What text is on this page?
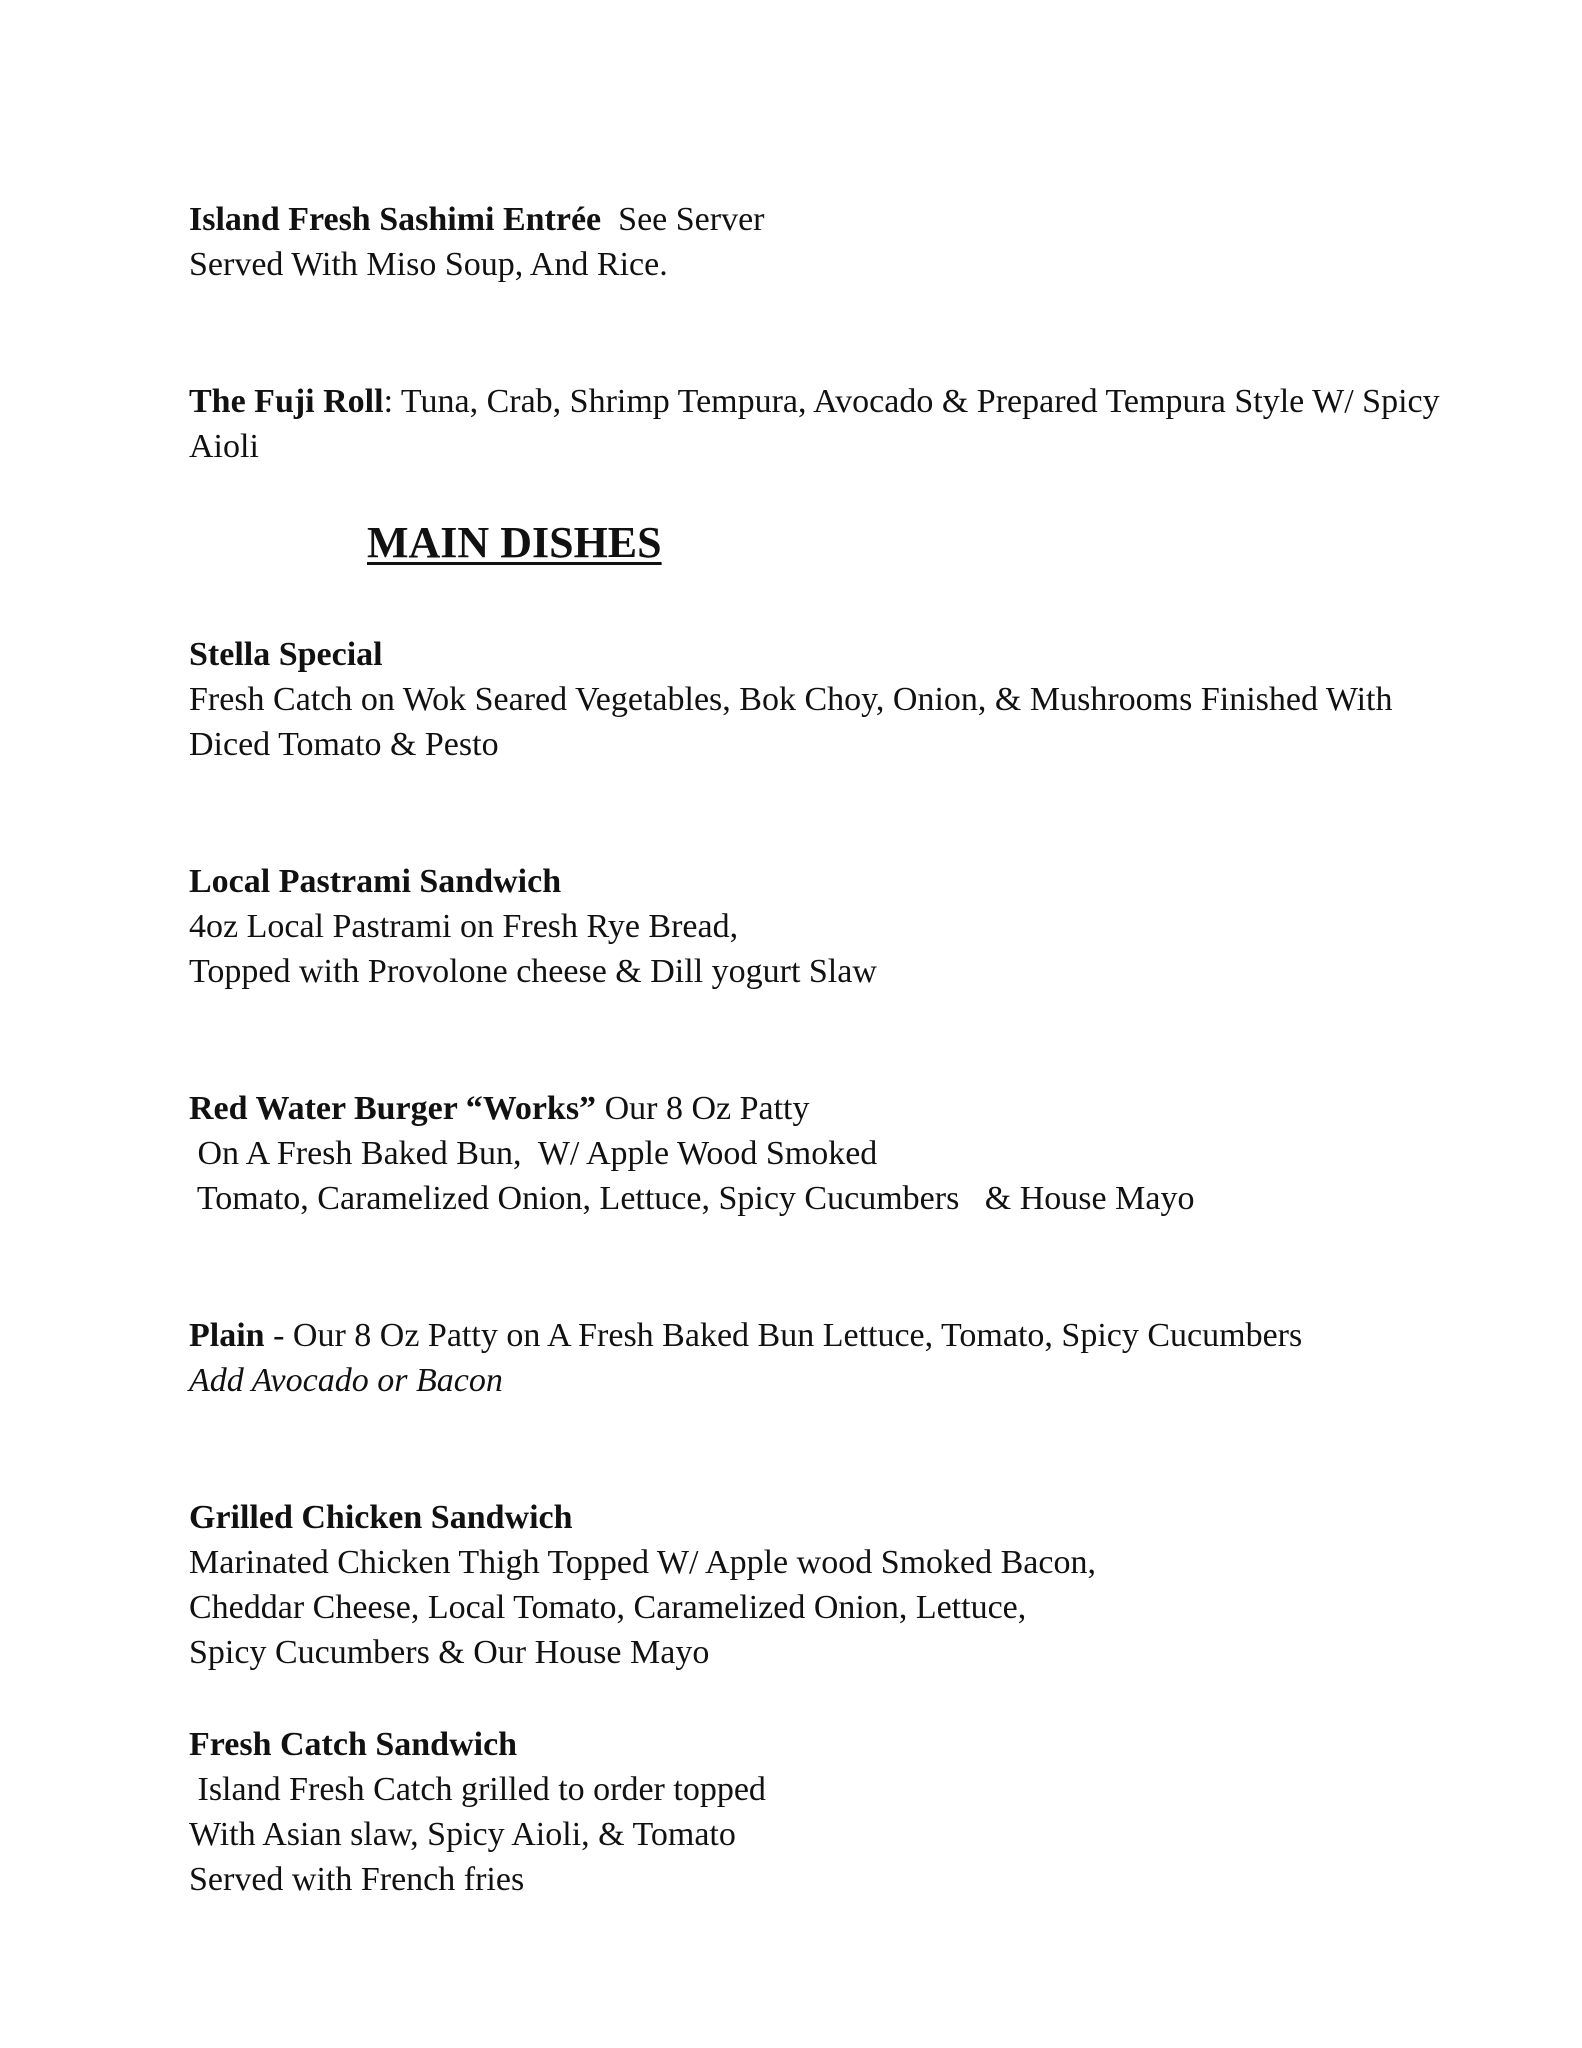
Island Fresh Sashimi Entrée See Server
Served With Miso Soup, And Rice.
The Fuji Roll: Tuna, Crab, Shrimp Tempura, Avocado & Prepared Tempura Style W/ Spicy
Aioli
MAIN DISHES
Stella Special
Fresh Catch on Wok Seared Vegetables, Bok Choy, Onion, & Mushrooms Finished With
Diced Tomato & Pesto
Local Pastrami Sandwich
4oz Local Pastrami on Fresh Rye Bread,
Topped with Provolone cheese & Dill yogurt Slaw
Red Water Burger “Works” Our 8 Oz Patty
On A Fresh Baked Bun,  W/ Apple Wood Smoked
Tomato, Caramelized Onion, Lettuce, Spicy Cucumbers   & House Mayo
Plain - Our 8 Oz Patty on A Fresh Baked Bun Lettuce, Tomato, Spicy Cucumbers
Add Avocado or Bacon
Grilled Chicken Sandwich
Marinated Chicken Thigh Topped W/ Apple wood Smoked Bacon,
Cheddar Cheese, Local Tomato, Caramelized Onion, Lettuce,
Spicy Cucumbers & Our House Mayo
Fresh Catch Sandwich
Island Fresh Catch grilled to order topped
With Asian slaw, Spicy Aioli, & Tomato
Served with French fries
